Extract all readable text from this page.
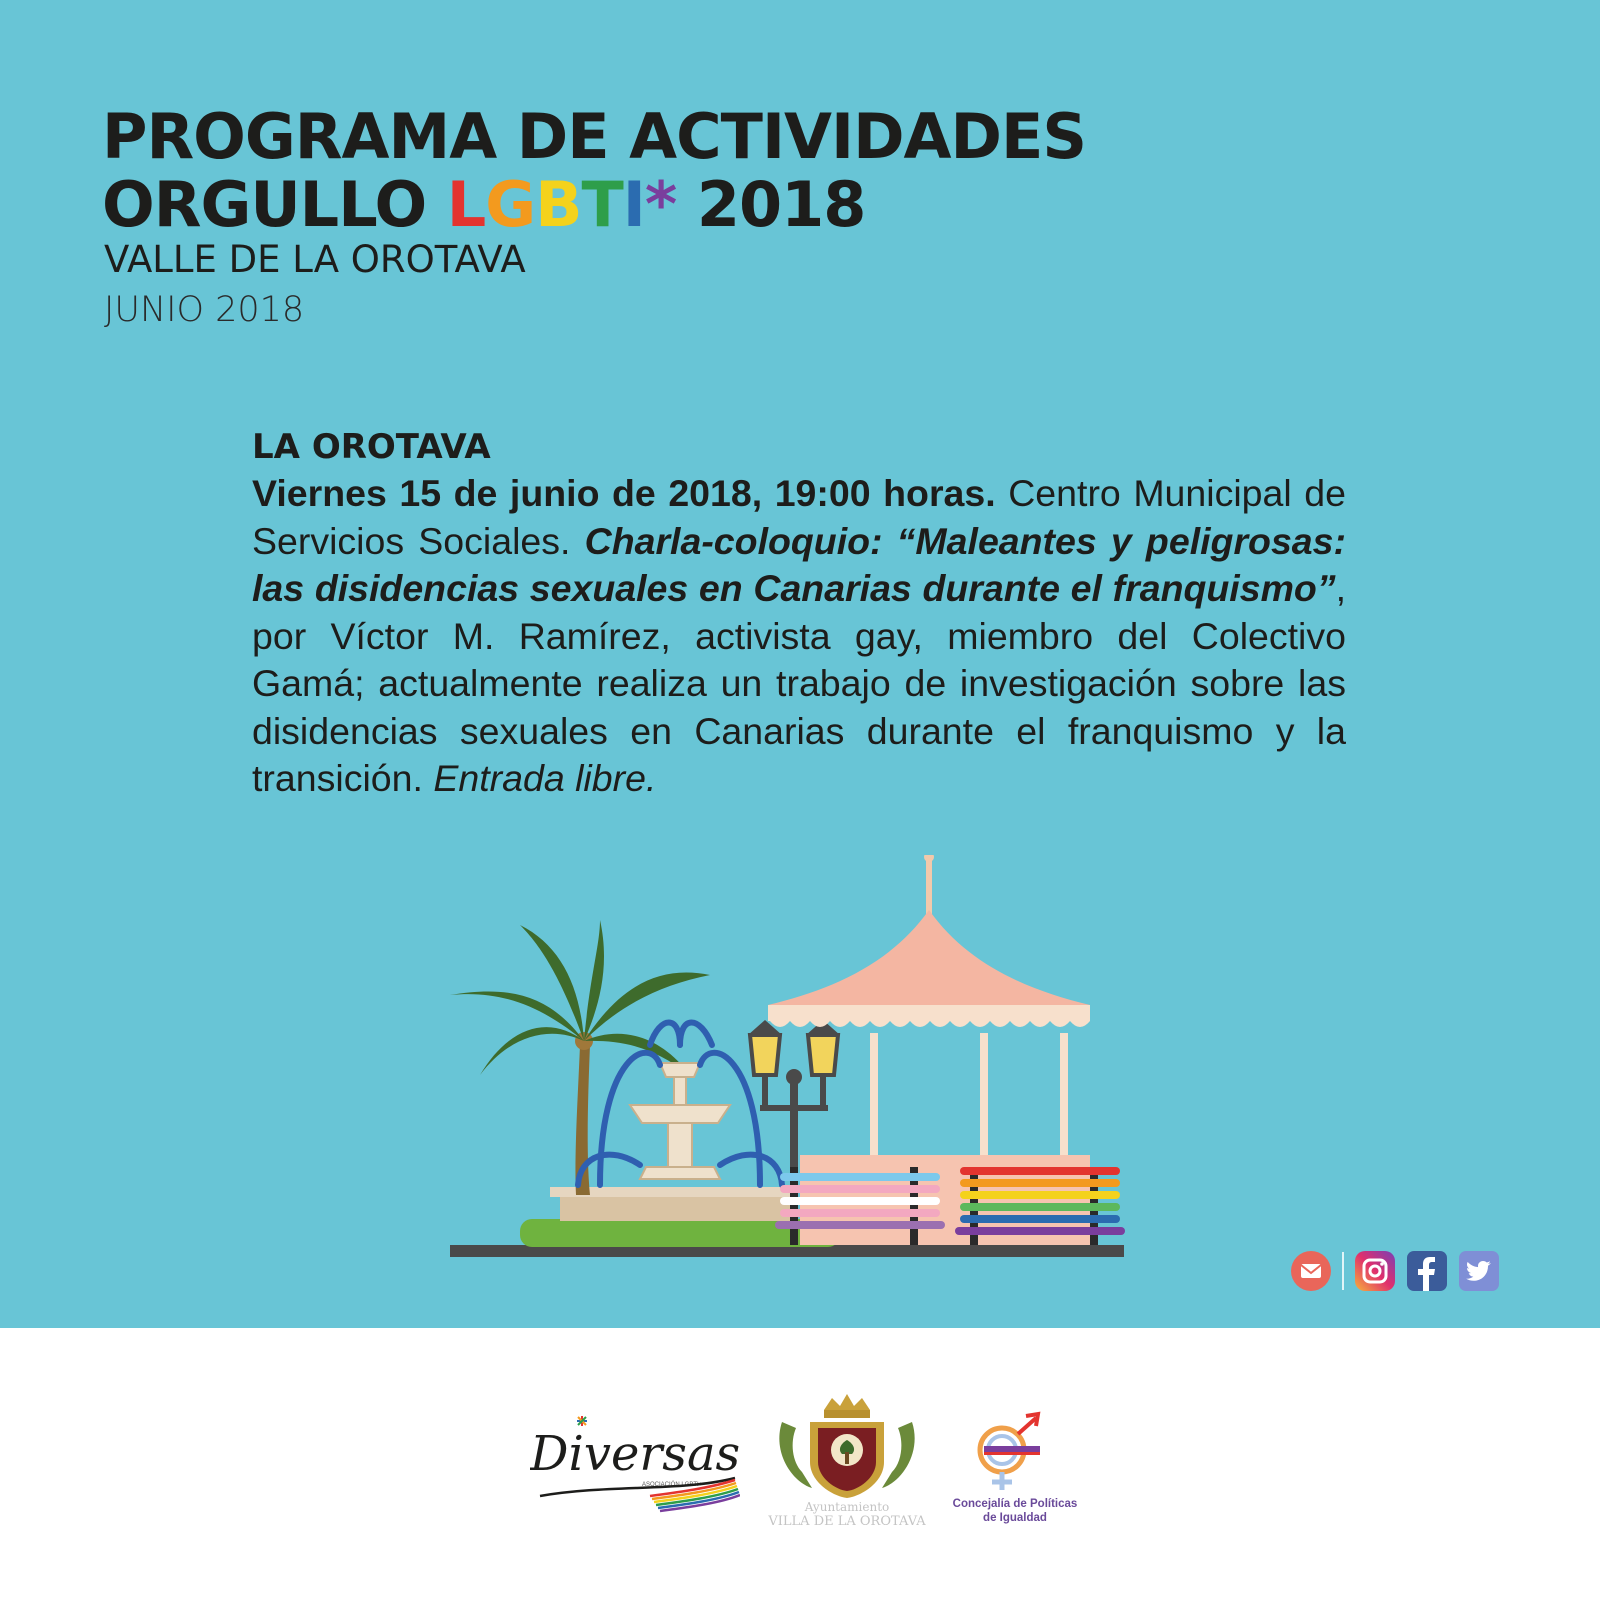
PROGRAMA DE ACTIVIDADES
ORGULLO LGBTI* 2018
VALLE DE LA OROTAVA
JUNIO 2018
LA OROTAVA
Viernes 15 de junio de 2018, 19:00 horas. Centro Municipal de Servicios Sociales. Charla-coloquio: “Maleantes y peligrosas: las disidencias sexuales en Canarias durante el franquismo”, por Víctor M. Ramírez, activista gay, miembro del Colectivo Gamá; actualmente realiza un trabajo de investigación sobre las disidencias sexuales en Canarias durante el franquismo y la transición. Entrada libre.
Diversas
ASOCIACIÓN LGBTI+
Ayuntamiento
VILLA DE LA OROTAVA
Concejalía de Políticas
de Igualdad
